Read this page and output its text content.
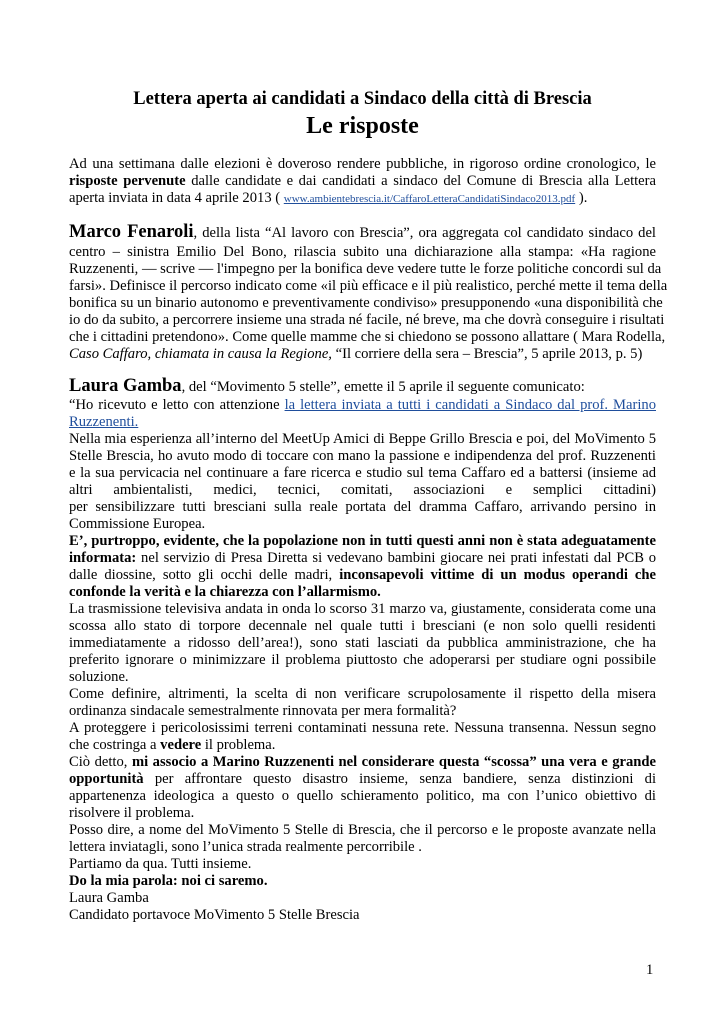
Lettera aperta ai candidati a Sindaco della città di Brescia
Le risposte
Ad una settimana dalle elezioni è doveroso rendere pubbliche, in rigoroso ordine cronologico, le
risposte pervenute dalle candidate e dai candidati a sindaco del Comune di Brescia alla Lettera
aperta inviata in data 4 aprile 2013 ( www.ambientebrescia.it/CaffaroLetteraCandidatiSindaco2013.pdf ).
Marco Fenaroli, della lista “Al lavoro con Brescia”, ora aggregata col candidato sindaco del
centro – sinistra Emilio Del Bono, rilascia subito una dichiarazione alla stampa: «Ha ragione
Ruzzenenti, — scrive — l'impegno per la bonifica deve vedere tutte le forze politiche concordi sul da
farsi». Definisce il percorso indicato come «il più efficace e il più realistico, perché mette il tema della
bonifica su un binario autonomo e preventivamente condiviso» presupponendo «una disponibilità che
io do da subito, a percorrere insieme una strada né facile, né breve, ma che dovrà conseguire i risultati
che i cittadini pretendono». Come quelle mamme che si chiedono se possono allattare ( Mara Rodella,
Caso Caffaro, chiamata in causa la Regione, “Il corriere della sera – Brescia”, 5 aprile 2013, p. 5)
Laura Gamba, del “Movimento 5 stelle”, emette il 5 aprile il seguente comunicato:
“Ho ricevuto e letto con attenzione la lettera inviata a tutti i candidati a Sindaco dal prof. Marino
Ruzzenenti.
Nella mia esperienza all’interno del MeetUp Amici di Beppe Grillo Brescia e poi, del MoVimento 5
Stelle Brescia, ho avuto modo di toccare con mano la passione e indipendenza del prof. Ruzzenenti
e la sua pervicacia nel continuare a fare ricerca e studio sul tema Caffaro ed a battersi (insieme ad
altri ambientalisti, medici, tecnici, comitati, associazioni e semplici cittadini)
per sensibilizzare tutti bresciani sulla reale portata del dramma Caffaro, arrivando persino in
Commissione Europea.
E’, purtroppo, evidente, che la popolazione non in tutti questi anni non è stata adeguatamente
informata: nel servizio di Presa Diretta si vedevano bambini giocare nei prati infestati dal PCB o
dalle diossine, sotto gli occhi delle madri, inconsapevoli vittime di un modus operandi che
confonde la verità e la chiarezza con l’allarmismo.
La trasmissione televisiva andata in onda lo scorso 31 marzo va, giustamente, considerata come una
scossa allo stato di torpore decennale nel quale tutti i bresciani (e non solo quelli residenti
immediatamente a ridosso dell’area!), sono stati lasciati da pubblica amministrazione, che ha
preferito ignorare o minimizzare il problema piuttosto che adoperarsi per studiare ogni possibile
soluzione.
Come definire, altrimenti, la scelta di non verificare scrupolosamente il rispetto della misera
ordinanza sindacale semestralmente rinnovata per mera formalità?
A proteggere i pericolosissimi terreni contaminati nessuna rete. Nessuna transenna. Nessun segno
che costringa a vedere il problema.
Ciò detto, mi associo a Marino Ruzzenenti nel considerare questa “scossa” una vera e grande
opportunità per affrontare questo disastro insieme, senza bandiere, senza distinzioni di
appartenenza ideologica a questo o quello schieramento politico, ma con l’unico obiettivo di
risolvere il problema.
Posso dire, a nome del MoVimento 5 Stelle di Brescia, che il percorso e le proposte avanzate nella
lettera inviatagli, sono l’unica strada realmente percorribile .
Partiamo da qua. Tutti insieme.
Do la mia parola: noi ci saremo.
Laura Gamba
Candidato portavoce MoVimento 5 Stelle Brescia
1
